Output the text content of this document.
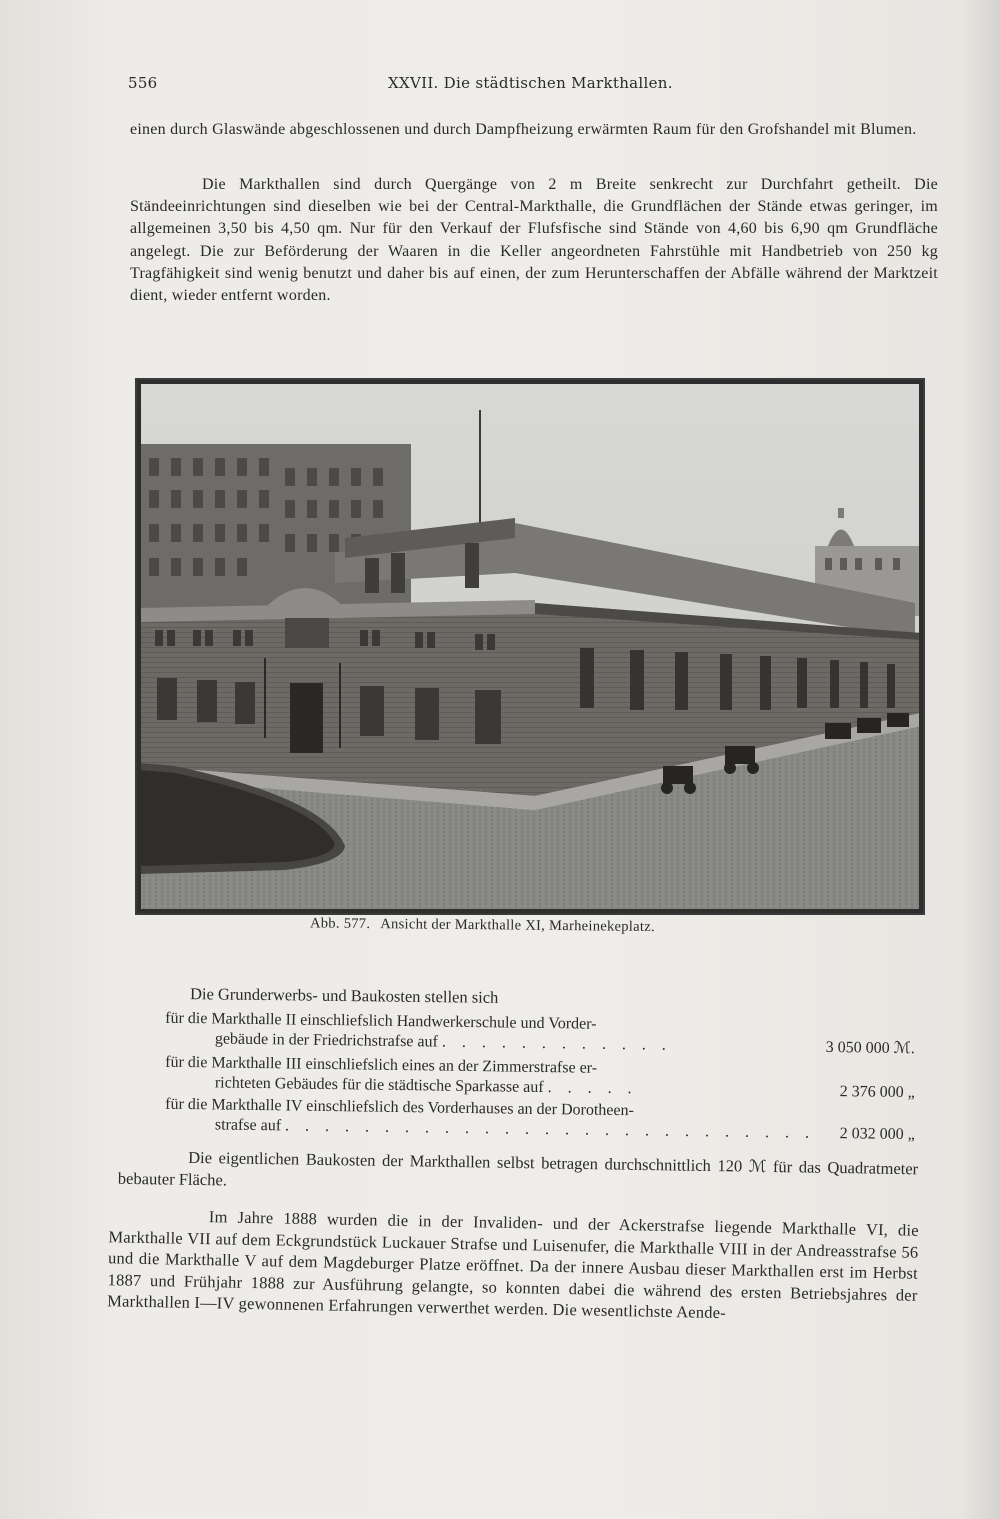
556	XXVII. Die städtischen Markthallen.
einen durch Glaswände abgeschlossenen und durch Dampfheizung erwärmten Raum für den Grofshandel mit Blumen.
Die Markthallen sind durch Quergänge von 2 m Breite senkrecht zur Durchfahrt getheilt. Die Ständeeinrichtungen sind dieselben wie bei der Central-Markthalle, die Grundflächen der Stände etwas geringer, im allgemeinen 3,50 bis 4,50 qm. Nur für den Verkauf der Flufsfische sind Stände von 4,60 bis 6,90 qm Grundfläche angelegt. Die zur Beförderung der Waaren in die Keller angeordneten Fahrstühle mit Handbetrieb von 250 kg Tragfähigkeit sind wenig benutzt und daher bis auf einen, der zum Herunterschaffen der Abfälle während der Marktzeit dient, wieder entfernt worden.
Abb. 577. Ansicht der Markthalle XI, Marheinekeplatz.
Die Grunderwerbs- und Baukosten stellen sich
für die Markthalle II einschliefslich Handwerkerschule und Vorder-
gebäude in der Friedrichstrafse auf . . . . . . . . . . . .	3 050 000 ℳ.
für die Markthalle III einschliefslich eines an der Zimmerstrafse er-
richteten Gebäudes für die städtische Sparkasse auf . . . . .	2 376 000 „
für die Markthalle IV einschliefslich des Vorderhauses an der Dorotheen-
strafse auf . . . . . . . . . . . . . . . . . . . . . . . . . . .	2 032 000 „
Die eigentlichen Baukosten der Markthallen selbst betragen durchschnittlich 120 ℳ für das Quadratmeter bebauter Fläche.
Im Jahre 1888 wurden die in der Invaliden- und der Ackerstrafse liegende Markthalle VI, die Markthalle VII auf dem Eckgrundstück Luckauer Strafse und Luisenufer, die Markthalle VIII in der Andreasstrafse 56 und die Markthalle V auf dem Magdeburger Platze eröffnet. Da der innere Ausbau dieser Markthallen erst im Herbst 1887 und Frühjahr 1888 zur Ausführung gelangte, so konnten dabei die während des ersten Betriebsjahres der Markthallen I—IV gewonnenen Erfahrungen verwerthet werden. Die wesentlichste Aende-
